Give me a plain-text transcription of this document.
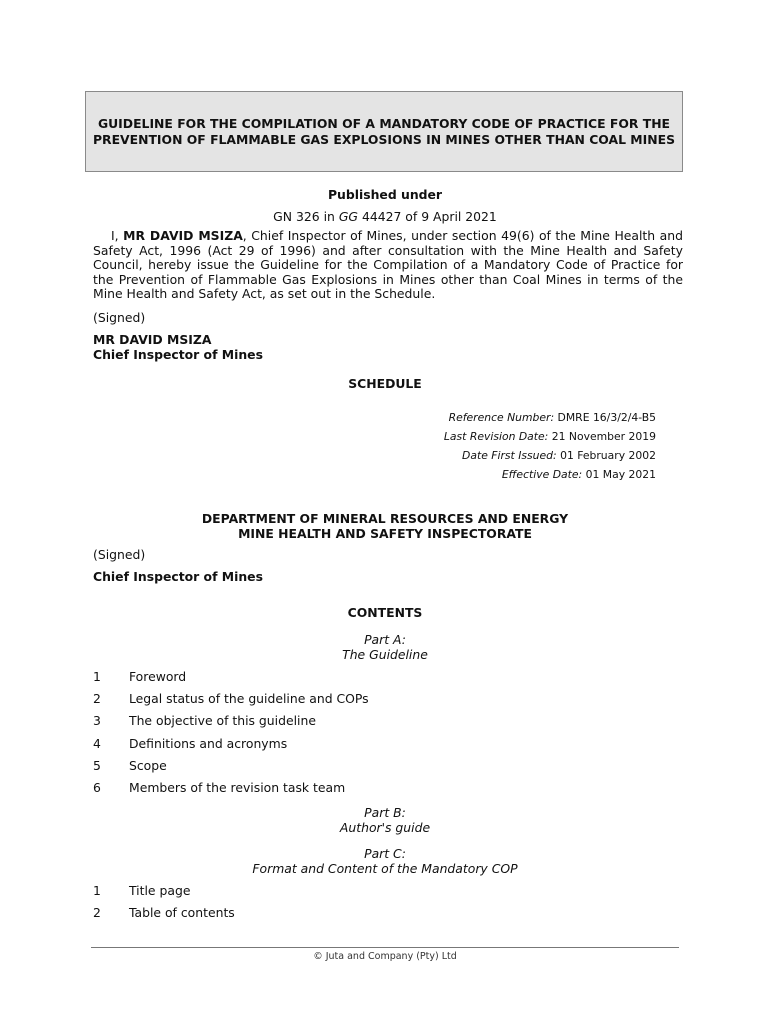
GUIDELINE FOR THE COMPILATION OF A MANDATORY CODE OF PRACTICE FOR THE PREVENTION OF FLAMMABLE GAS EXPLOSIONS IN MINES OTHER THAN COAL MINES
Published under
GN 326 in GG 44427 of 9 April 2021
I, MR DAVID MSIZA, Chief Inspector of Mines, under section 49(6) of the Mine Health and Safety Act, 1996 (Act 29 of 1996) and after consultation with the Mine Health and Safety Council, hereby issue the Guideline for the Compilation of a Mandatory Code of Practice for the Prevention of Flammable Gas Explosions in Mines other than Coal Mines in terms of the Mine Health and Safety Act, as set out in the Schedule.
(Signed)
MR DAVID MSIZA
Chief Inspector of Mines
SCHEDULE
Reference Number: DMRE 16/3/2/4-B5
Last Revision Date: 21 November 2019
Date First Issued: 01 February 2002
Effective Date: 01 May 2021
DEPARTMENT OF MINERAL RESOURCES AND ENERGY
MINE HEALTH AND SAFETY INSPECTORATE
(Signed)
Chief Inspector of Mines
CONTENTS
Part A:
The Guideline
1 Foreword
2 Legal status of the guideline and COPs
3 The objective of this guideline
4 Definitions and acronyms
5 Scope
6 Members of the revision task team
Part B:
Author's guide
Part C:
Format and Content of the Mandatory COP
1 Title page
2 Table of contents
© Juta and Company (Pty) Ltd
